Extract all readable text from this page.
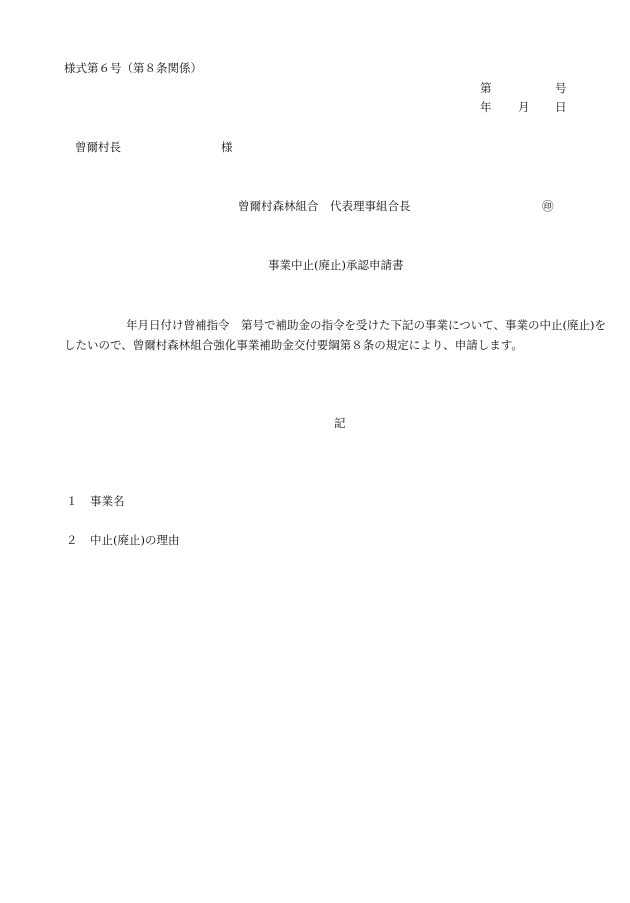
様式第６号（第８条関係）
第	号
年 月 日
曾爾村長	様
曾爾村森林組合　代表理事組合長	㊞
事業中止(廃止)承認申請書
年月日付け曾補指令　第号で補助金の指令を受けた下記の事業について、事業の中止(廃止)をしたいので、曾爾村森林組合強化事業補助金交付要綱第８条の規定により、申請します。
記
１ 事業名
２ 中止(廃止)の理由
